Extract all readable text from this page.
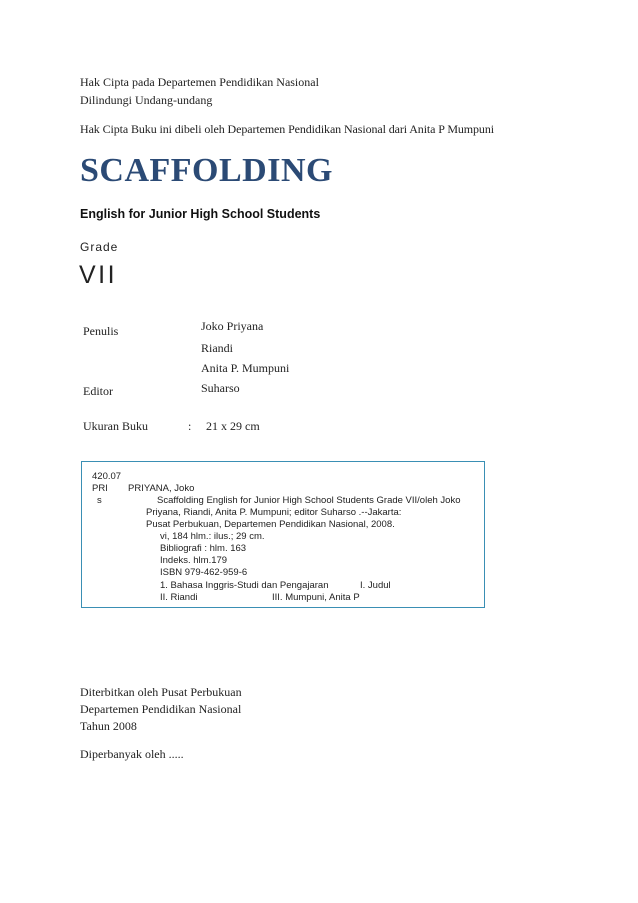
Hak Cipta pada Departemen Pendidikan Nasional
Dilindungi Undang-undang
Hak Cipta Buku ini dibeli oleh Departemen Pendidikan Nasional dari Anita P Mumpuni
SCAFFOLDING
English for Junior High School Students
Grade
VII
Penulis	Joko Priyana
Riandi
Anita P. Mumpuni
Editor	Suharso
Ukuran Buku	: 21 x 29 cm
420.07
PRI PRIYANA, Joko
s	Scaffolding English for Junior High School Students Grade VII/oleh Joko
Priyana, Riandi, Anita P. Mumpuni; editor Suharso .--Jakarta:
Pusat Perbukuan, Departemen Pendidikan Nasional, 2008.
vi, 184 hlm.: ilus.; 29 cm.
Bibliografi : hlm. 163
Indeks. hlm.179
ISBN 979-462-959-6
1. Bahasa Inggris-Studi dan Pengajaran	I. Judul
II. Riandi	III. Mumpuni, Anita P
Diterbitkan oleh Pusat Perbukuan
Departemen Pendidikan Nasional
Tahun 2008
Diperbanyak oleh .....
